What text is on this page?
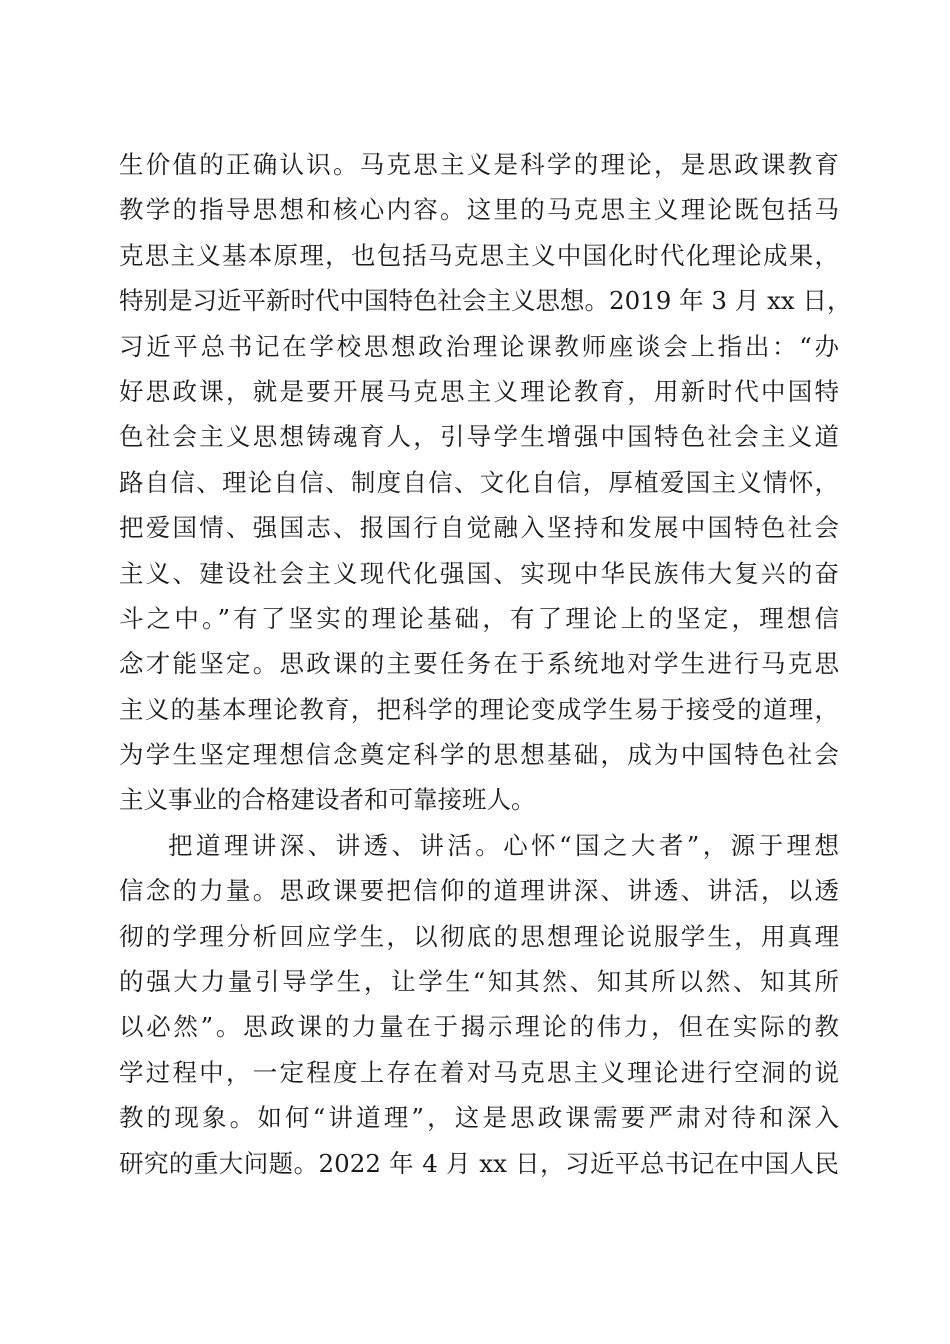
生价值的正确认识。马克思主义是科学的理论，是思政课教育
教学的指导思想和核心内容。这里的马克思主义理论既包括马
克思主义基本原理，也包括马克思主义中国化时代化理论成果，
特别是习近平新时代中国特色社会主义思想。2019 年 3 月 xx 日，
习近平总书记在学校思想政治理论课教师座谈会上指出：“办
好思政课，就是要开展马克思主义理论教育，用新时代中国特
色社会主义思想铸魂育人，引导学生增强中国特色社会主义道
路自信、理论自信、制度自信、文化自信，厚植爱国主义情怀，
把爱国情、强国志、报国行自觉融入坚持和发展中国特色社会
主义、建设社会主义现代化强国、实现中华民族伟大复兴的奋
斗之中。”有了坚实的理论基础，有了理论上的坚定，理想信
念才能坚定。思政课的主要任务在于系统地对学生进行马克思
主义的基本理论教育，把科学的理论变成学生易于接受的道理，
为学生坚定理想信念奠定科学的思想基础，成为中国特色社会
主义事业的合格建设者和可靠接班人。
把道理讲深、讲透、讲活。心怀“国之大者”，源于理想
信念的力量。思政课要把信仰的道理讲深、讲透、讲活，以透
彻的学理分析回应学生，以彻底的思想理论说服学生，用真理
的强大力量引导学生，让学生“知其然、知其所以然、知其所
以必然”。思政课的力量在于揭示理论的伟力，但在实际的教
学过程中，一定程度上存在着对马克思主义理论进行空洞的说
教的现象。如何“讲道理”，这是思政课需要严肃对待和深入
研究的重大问题。2022 年 4 月 xx 日，习近平总书记在中国人民
